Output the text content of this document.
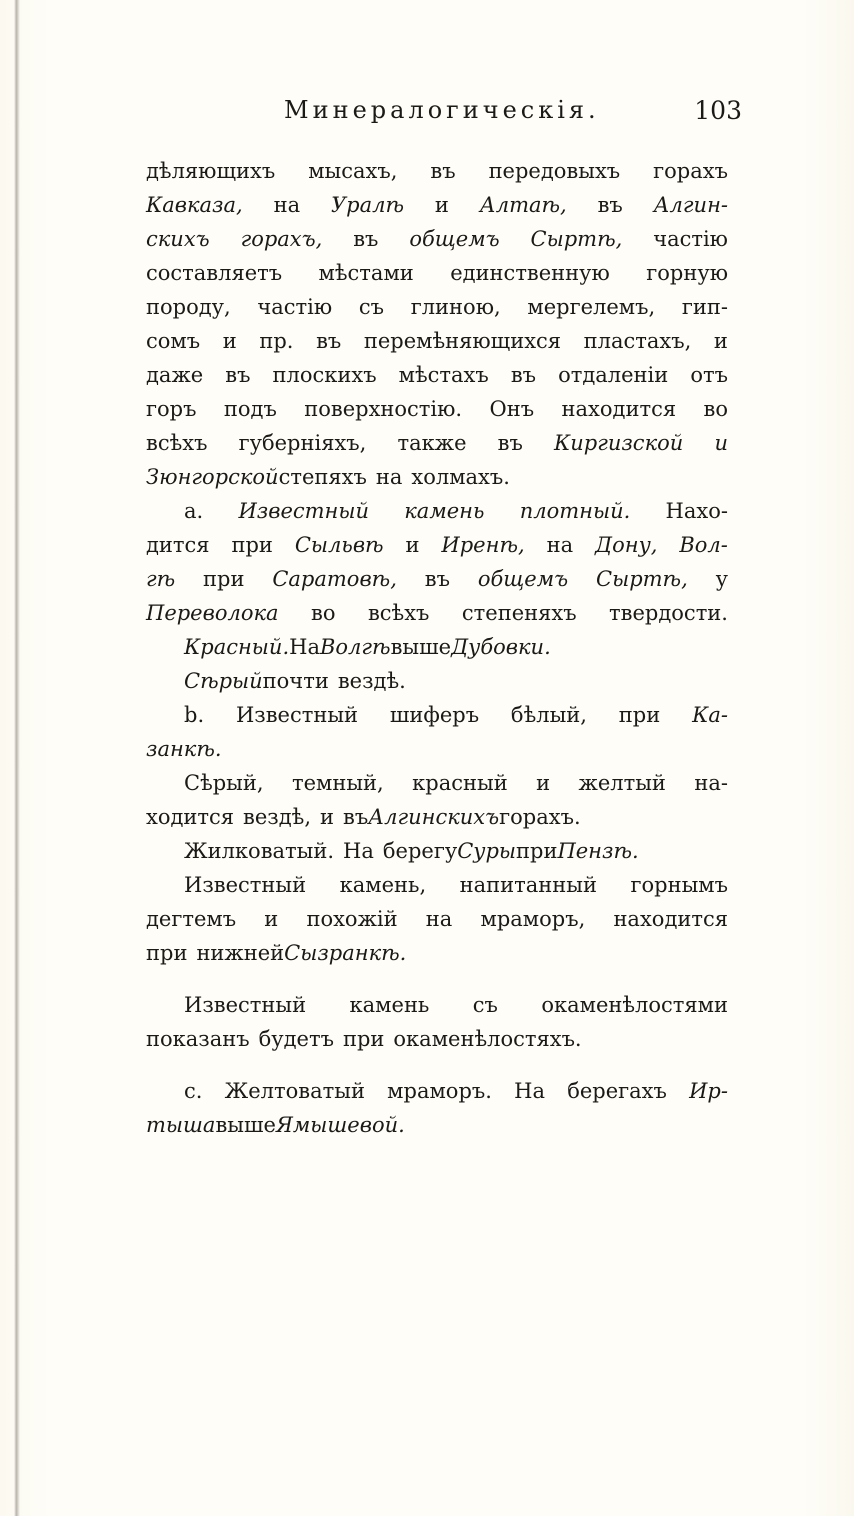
Минералогическія.	103
дѣляющихъ мысахъ, въ передовыхъ горахъ
Кавказа, на Уралѣ и Алтаѣ, въ Алгин-
скихъ горахъ, въ общемъ Сыртѣ, частію
составляетъ мѣстами единственную горную
породу, частію съ глиною, мергелемъ, гип-
сомъ и пр. въ перемѣняющихся пластахъ, и
даже въ плоскихъ мѣстахъ въ отдаленіи отъ
горъ подъ поверхностію. Онъ находится во
всѣхъ губерніяхъ, также въ Киргизской и
Зюнгорской степяхъ на холмахъ.
a. Известный камень плотный. Нахо-
дится при Сыльвѣ и Иренѣ, на Дону, Вол-
гѣ при Саратовѣ, въ общемъ Сыртѣ, у
Переволока во всѣхъ степеняхъ твердости.
Красный. На Волгѣ выше Дубовки.
Сѣрый почти вездѣ.
b. Известный шиферъ бѣлый, при Ка-
занкѣ.
Сѣрый, темный, красный и желтый на-
ходится вездѣ, и въ Алгинскихъ горахъ.
Жилковатый. На берегу Суры при Пензѣ.
Известный камень, напитанный горнымъ
дегтемъ и похожій на мраморъ, находится
при нижней Сызранкѣ.
Известный камень съ окаменѣлостями
показанъ будетъ при окаменѣлостяхъ.
c. Желтоватый мраморъ. На берегахъ Ир-
тыша выше Ямышевой.
